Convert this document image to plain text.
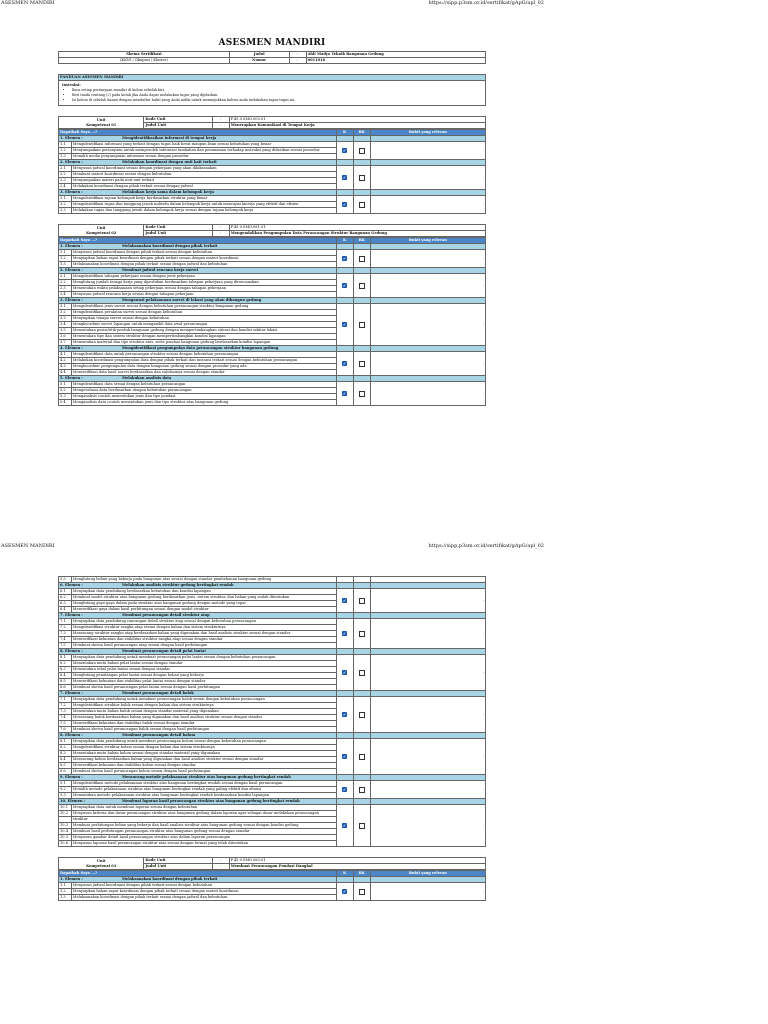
ASESMEN MANDIRI	https://sipp.p3sm.or.id/sertifikat/gApG/apl_02
ASESMEN MANDIRI	https://sipp.p3sm.or.id/sertifikat/gApG/apl_02
ASESMEN MANDIRI
Skema Sertifikasi	Judul	:	Ahli Madya Teknik Bangunan Gedung
(KKNI / Okupasi / Klaster)	Nomor	:	0011016
PANDUAN ASESMEN MANDIRI

Instruksi:
• Baca setiap pertanyaan mandiri di kolom sebelah kiri.
• Beri tanda centang (√) pada kotak jika Anda dapat melakukan tugas yang dijelaskan.
• Isi kolom di sebelah kanan dengan mendaftar bukti yang Anda miliki untuk menunjukkan bahwa anda melakukan tugas-tugas ini.
Unit
Kompetensi 01	Kode Unit	:	F.45.0.SMO.003.01
	Judul Unit	:	Menerapkan Komunikasi di Tempat Kerja
Dapatkah Saya ...?		K	BK	Bukti yang relevan
1. Elemen : Mengidentifikasikan informasi di tempat kerja				
1.1	Mengidentifikasi informasi yang terkait dengan tugas baik berat maupun lisan sesuai kebutuhan yang benar	✔		-

1.2	Menyampaikan pertanyaan untuk memperoleh informasi tambahan dan penanaman terhadap instruksi yang diberikan sesuai prosedur			
1.3	Memilih media penyampaian informasi sesuai dengan prosedur			
2. Elemen : Melakukan koordinasi dengan unit kait terkait				
2.1	Menyusun jadwal koordinasi sesuai dengan pekerjaan yang akan dilaksanakan	✔		-

2.2	Membuat materi koordinasi sesuai dengan kebutuhan			
2.3	Menyampaikan materi pada unit-unit terkait			
2.4	Melakukan koordinasi dengan pihak terkait sesuai dengan jadwal			
3. Elemen : Melakukan kerja sama dalam kelompok kerja				
3.1	Mengidentifikasi tujuan kelompok kerja berdasarkan struktur yang benar	✔		-

3.2	Mengidentifikasi tugas dan tanggung jawab individu dalam kelompok kerja untuk mencapai kinerja yang efektif dan efisien			
3.3	Melakukan tugas dan tanggung jawab dalam kelompok kerja sesuai dengan tujuan kelompok kerja			
Unit
Kompetensi 02	Kode Unit	:	F.45.0.SMO.081.01
	Judul Unit	:	Mengendalikan Pengumpulan Data Perancangan Struktur Bangunan Gedung
Dapatkah Saya ...?		K	BK	Bukti yang relevan
1. Elemen : Melaksanakan koordinasi dengan pihak terkait				
1.1	Menyusun jadwal koordinasi dengan pihak terkait sesuai dengan kebutuhan	✔		-

1.2	Menyiapkan bahan rapat koordinasi dengan pihak terkait sesuai dengan materi koordinasi			
1.3	Melaksanakan koordinasi dengan pihak terkait sesuai dengan jadwal dan kebutuhan			
2. Elemen : Membuat jadwal rencana kerja survei				
2.1	Mengidentifikasi tahapan pekerjaan sesuai dengan jenis pekerjaan	✔		-

2.2	Menghitung jumlah tenaga kerja yang diperlukan berdasarkan tahapan pekerjaan yang direncanakan			
2.3	Menentukan waktu pelaksanaan setiap pekerjaan sesuai dengan tahapan pekerjaan			
2.4	Menyusun jadwal rencana kerja sesuai dengan tahapan pekerjaan			
3. Elemen : Mengawasi pelaksanaan survei di lokasi yang akan dibangun gedung				
3.1	Mengidentifikasi jenis survei sesuai dengan kebutuhan perancangan struktur bangunan gedung	✔		-

3.2	Mengidentifikasi peralatan survei sesuai dengan kebutuhan			
3.3	Menyiapkan tenaga survei sesuai dengan kebutuhan			
3.4	Mengkoordinir survei lapangan untuk mengambil data awal perancangan			
3.5	Menentukan posisi/titik-produk bangunan gedung dengan mempertimbangkan situasi dan kondisi sekitar lokasi			
3.6	Menentukan tipe dan sistem struktur dengan mempertimbangkan kondisi lapangan			
3.7	Menentukan material dan tipe struktur atas, serta pondasi bangunan gedung berdasarkan kondisi lapangan			
4. Elemen : Mengidentifikasi pengumpulan data perancangan struktur bangunan gedung				
4.1	Mengidentifikasi data untuk perancangan struktur sesuai dengan kebutuhan perancangan	✔		-

4.2	Melakukan koordinasi pengumpulan data dengan pihak terkait dan instansi terkait sesuai dengan kebutuhan perancangan			
4.3	Mengkoordinir pengumpulan data dengan bangunan gedung sesuai dengan prosedur yang ada			
4.4	Menverifikasi data hasil survei berdasarkan dan validasinya sesuai dengan standar			
5. Elemen : Melakukan analisis data				
5.1	Mengidentifikasi data sesuai dengan kebutuhan perancangan	✔		-

5.2	Mengevaluasi data berdasarkan dengan kebutuhan perancangan			
5.3	Menganalisis contoh menentukan jenis dan tipe pondasi			
5.4	Menganalisis data contoh menentukan jenis dan tipe struktur atas bangunan gedung			
5.5	Menghitung beban yang bekerja pada bangunan atas sesuai dengan standar pembebanan bangunan gedung			
6. Elemen : Melakukan analisis struktur gedung bertingkat rendah				
6.1	Menyiapkan data pendukung berdasarkan kebutuhan dan kondisi lapangan	✔		-

6.2	Membuat model struktur atas bangunan gedung berdasarkan jenis, sistem struktur, dan bahan yang sudah ditentukan			
6.3	Menghitung gaya-gaya dalam pada struktur atas bangunan gedung dengan metode yang tepat			
6.4	Menverifikasi gaya dalam hasil perhitungan sesuai dengan model struktur			
7. Elemen : Membuat perancangan detail struktur atap				
7.1	Menyiapkan data pendukung rancangan detail struktur atap sesuai dengan kebutuhan perancangan	✔		-

7.2	Mengidentifikasi struktur rangka atap sesuai dengan bahan dan sistem strukturnya			
7.3	Merancang struktur rangka atap berdasarkan bahan yang digunakan dan hasil analisis struktur sesuai dengan standar			
7.4	Menverifikasi kekuatan dan stabilitas struktur rangka atap sesuai dengan standar			
7.5	Membuat sketsa hasil perancangan atap sesuai dengan hasil perhitungan			
8. Elemen : Membuat perancangan detail pelat lantai				
8.1	Menyiapkan data pendukung untuk membuat perancangan pelat lantai sesuai dengan kebutuhan perancangan	✔		-

8.2	Menentukan mutu bahan pelat lantai sesuai dengan standar			
8.3	Menentukan tebal pelat lantai sesuai dengan standar			
8.4	Menghitung penulangan pelat lantai sesuai dengan beban yang bekerja			
8.5	Menverifikasi kekuatan dan stabilitas pelat lantai sesuai dengan standar			
8.6	Membuat sketsa hasil perancangan pelat lantai sesuai dengan hasil perhitungan			
7. Elemen : Membuat perancangan detail balok				
7.1	Menyiapkan data pendukung untuk membuat perancangan balok sesuai dengan kebutuhan perancangan	✔		-

7.2	Mengidentifikasi struktur balok sesuai dengan bahan dan sistem strukturnya			
7.3	Menentukan mutu bahan balok sesuai dengan standar material yang digunakan			
7.4	Merancang balok berdasarkan bahan yang digunakan dan hasil analisis struktur sesuai dengan standar			
7.5	Menverifikasi kekuatan dan stabilitas balok sesuai dengan standar			
7.6	Membuat sketsa hasil perancangan balok sesuai dengan hasil perhitungan			
8. Elemen : Membuat perancangan detail kolom				
8.1	Menyiapkan data pendukung untuk membuat perancangan kolom sesuai dengan kebutuhan perancangan	✔		-

8.2	Mengidentifikasi struktur kolom sesuai dengan bahan dan sistem strukturnya			
8.3	Menentukan mutu bahan kolom sesuai dengan standar material yang digunakan			
8.4	Merancang kolom berdasarkan bahan yang digunakan dan hasil analisis struktur sesuai dengan standar			
8.5	Menverifikasi kekuatan dan stabilitas kolom sesuai dengan standar			
8.6	Membuat sketsa hasil perancangan kolom sesuai dengan hasil perhitungan			
9. Elemen : Merancang metode pelaksanaan struktur atas bangunan gedung bertingkat rendah				
9.1	Mengidentifikasi metode pelaksanaan struktur atas bangunan bertingkat rendah sesuai dengan hasil perancangan	✔		-

9.2	Memilih metode pelaksanaan struktur atas bangunan bertingkat rendah yang paling efektif dan efisien			
9.3	Menentukan metode pelaksanaan struktur atas bangunan bertingkat rendah berdasarkan kondisi lapangan			
10. Elemen : Membuat laporan hasil perancangan struktur atas bangunan gedung bertingkat rendah				
10.1	Menyiapkan data untuk membuat laporan sesuai dengan kebutuhan	✔		-

10.2	Menyusun kriteria dan dasar perancangan struktur atas bangunan gedung dalam laporan agar sebagai dasar melakukan perancangan			
	struktur			
10.3	Membuat perhitungan beban yang bekerja dan hasil analisis struktur atas bangunan gedung sesuai dengan kondisi gedung			
10.4	Membuat hasil perhitungan perancangan struktur atas bangunan gedung sesuai dengan standar			
10.5	Menyusun gambar detail hasil perancangan struktur atas dalam laporan perancangan			
10.6	Menyusun laporan hasil perancangan struktur atas sesuai dengan format yang telah ditentukan			
Unit
Kompetensi 03	Kode Unit	:	F.45.0.SMO.083.01
	Judul Unit	:	Membuat Perancangan Pondasi Dangkal
Dapatkah Saya ...?		K	BK	Bukti yang relevan
1. Elemen : Melaksanakan koordinasi dengan pihak terkait				
1.1	Menyusun jadwal koordinasi dengan pihak terkait sesuai dengan kebutuhan	✔		-

1.2	Menyiapkan bahan rapat koordinasi dengan pihak terkait sesuai dengan materi koordinasi			
1.3	Melaksanakan koordinasi dengan pihak terkait sesuai dengan jadwal dan kebutuhan			
